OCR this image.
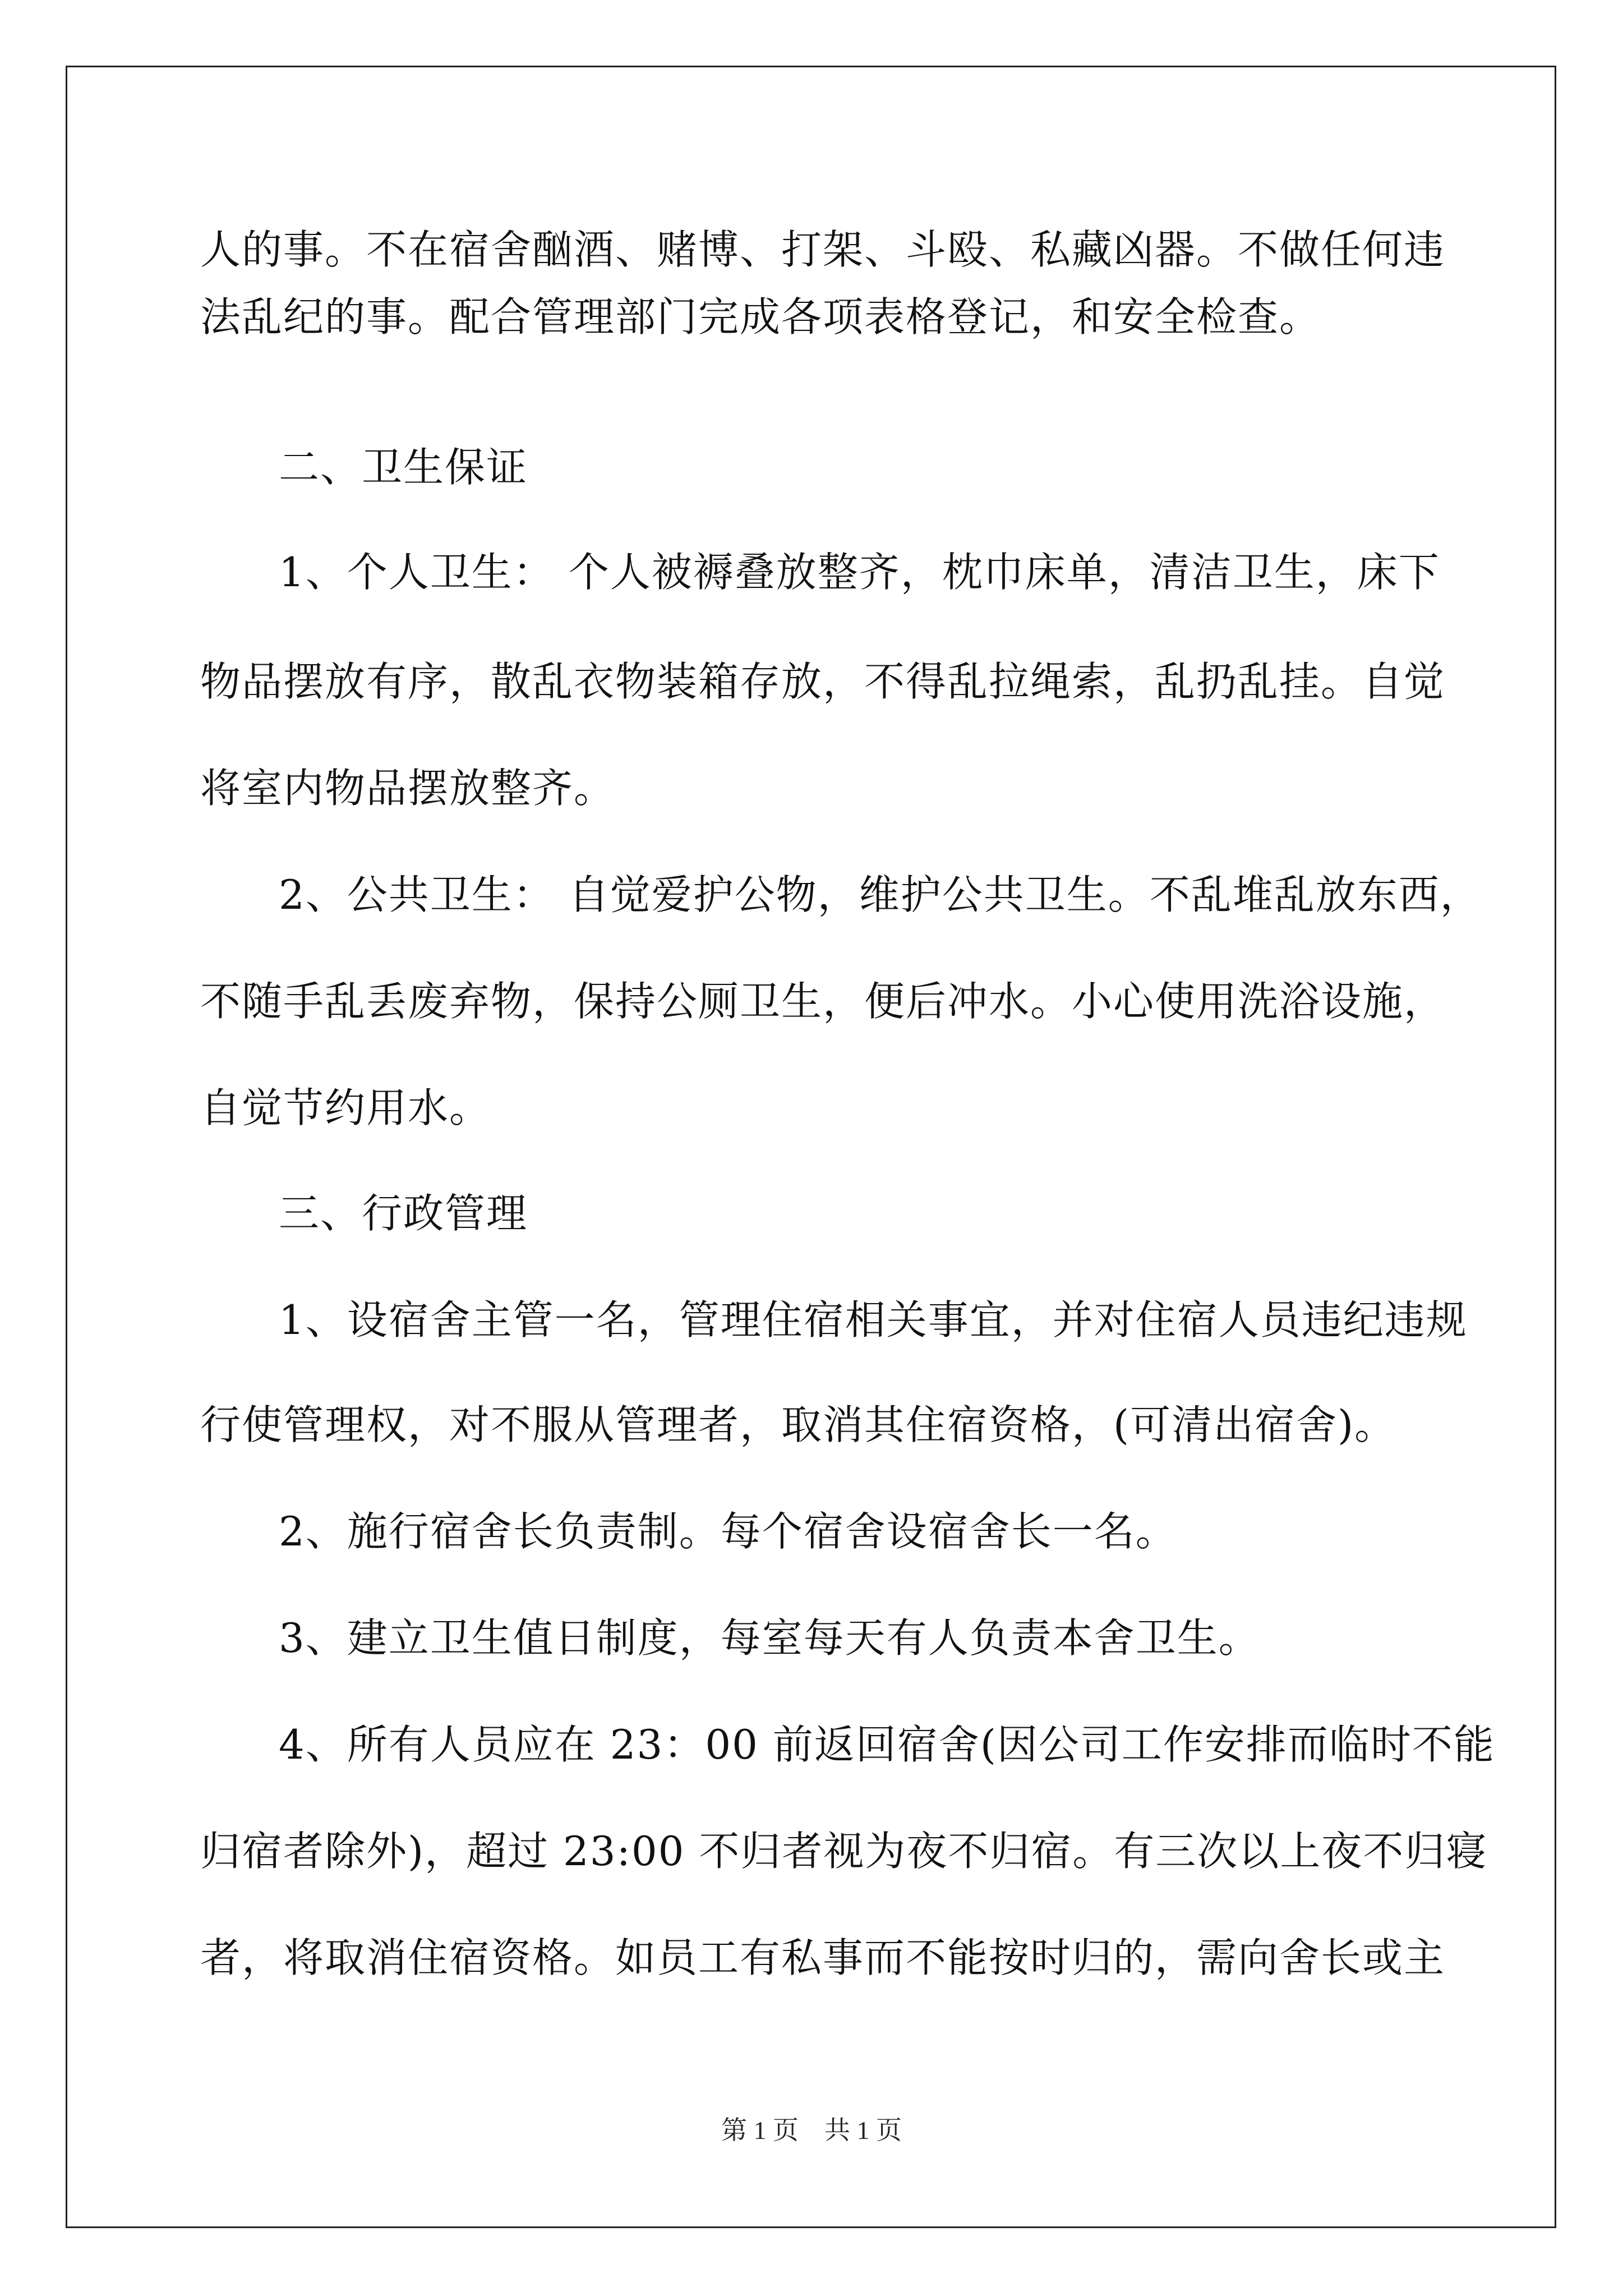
人的事。不在宿舍酗酒、赌博、打架、斗殴、私藏凶器。不做任何违
法乱纪的事。配合管理部门完成各项表格登记，和安全检查。
二、卫生保证
1、个人卫生： 个人被褥叠放整齐，枕巾床单，清洁卫生，床下
物品摆放有序，散乱衣物装箱存放，不得乱拉绳索，乱扔乱挂。自觉
将室内物品摆放整齐。
2、公共卫生： 自觉爱护公物，维护公共卫生。不乱堆乱放东西，
不随手乱丢废弃物，保持公厕卫生，便后冲水。小心使用洗浴设施，
自觉节约用水。
三、行政管理
1、设宿舍主管一名，管理住宿相关事宜，并对住宿人员违纪违规
行使管理权，对不服从管理者，取消其住宿资格，(可清出宿舍)。
2、施行宿舍长负责制。每个宿舍设宿舍长一名。
3、建立卫生值日制度，每室每天有人负责本舍卫生。
4、所有人员应在 23：00 前返回宿舍(因公司工作安排而临时不能
归宿者除外)，超过 23:00 不归者视为夜不归宿。有三次以上夜不归寝
者，将取消住宿资格。如员工有私事而不能按时归的，需向舍长或主
第 1 页　共 1 页
